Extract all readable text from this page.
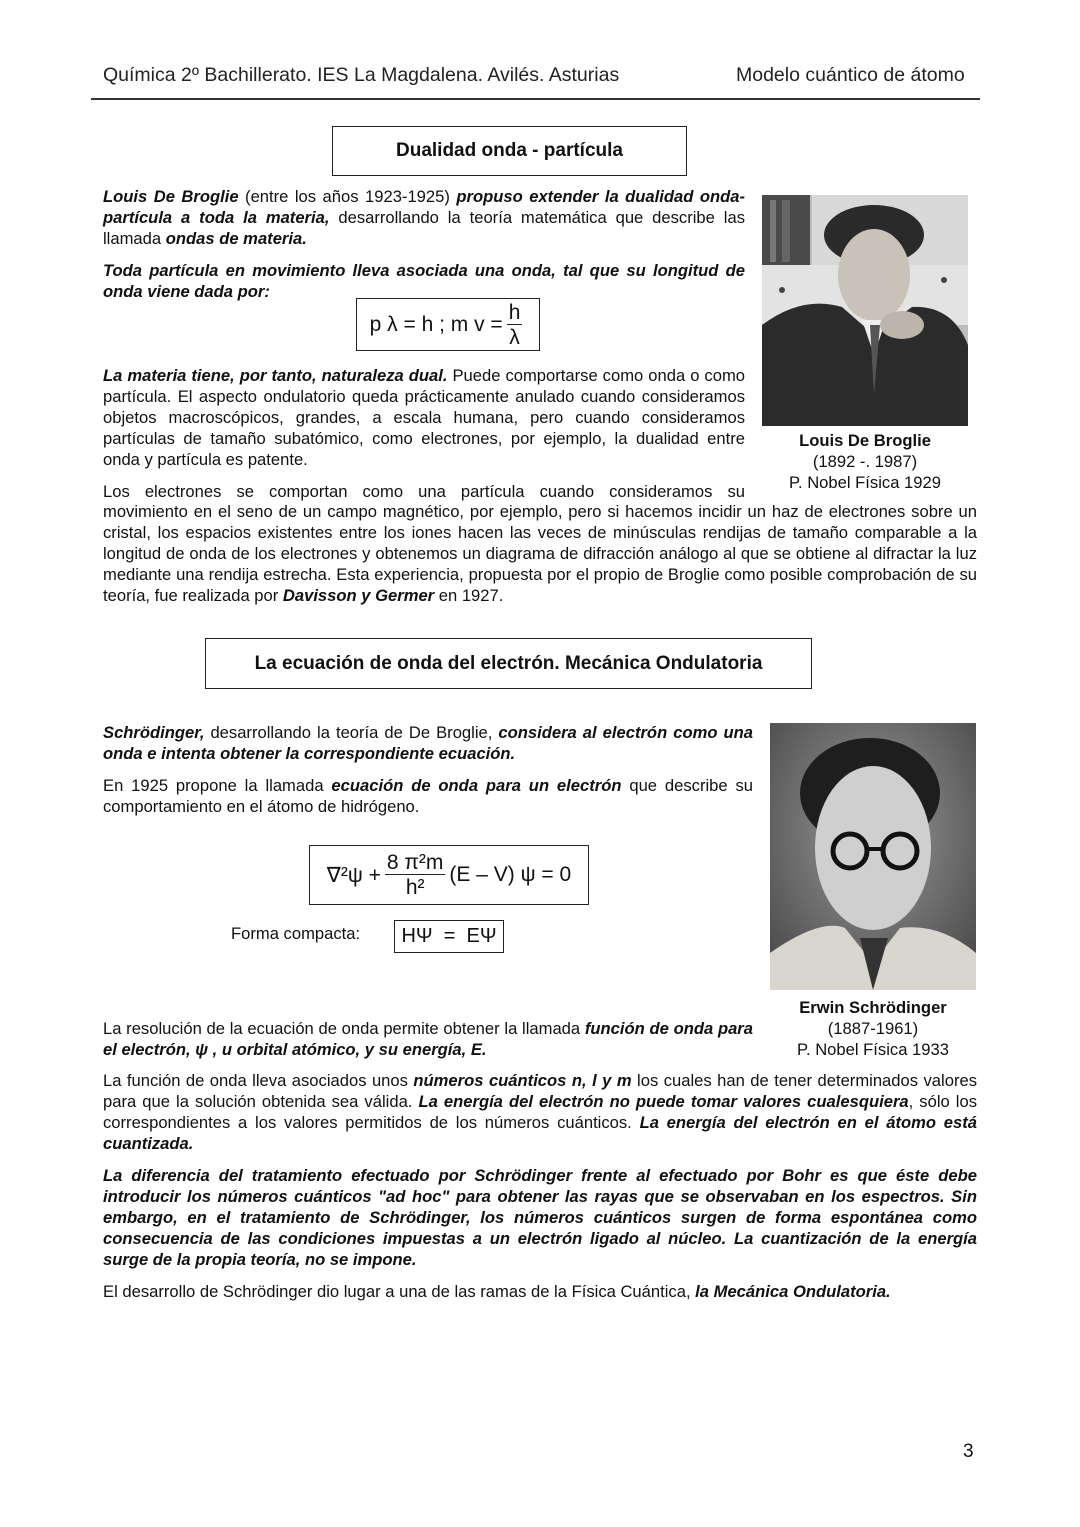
Química 2º Bachillerato. IES La Magdalena. Avilés. Asturias	Modelo cuántico de átomo
Dualidad onda - partícula

Louis De Broglie (entre los años 1923-1925) propuso extender la dualidad onda-partícula a toda la materia, desarrollando la teoría matemática que describe las llamada ondas de materia.

Toda partícula en movimiento lleva asociada una onda, tal que su longitud de onda viene dada por:

p λ = h ; m $v = \frac{h}{\lambda}$

La materia tiene, por tanto, naturaleza dual. Puede comportarse como onda o como partícula. El aspecto ondulatorio queda prácticamente anulado cuando consideramos objetos macroscópicos, grandes, a escala humana, pero cuando consideramos partículas de tamaño subatómico, como electrones, por ejemplo, la dualidad entre onda y partícula es patente.

Los electrones se comportan como una partícula cuando consideramos su

Louis De Broglie
(1892 -. 1987)
P. Nobel Física 1929

movimiento en el seno de un campo magnético, por ejemplo, pero si hacemos incidir un haz de electrones sobre un cristal, los espacios existentes entre los iones hacen las veces de minúsculas rendijas de tamaño comparable a la longitud de onda de los electrones y obtenemos un diagrama de difracción análogo al que se obtiene al difractar la luz mediante una rendija estrecha. Esta experiencia, propuesta por el propio de Broglie como posible comprobación de su teoría, fue realizada por Davisson y Germer en 1927.

La ecuación de onda del electrón. Mecánica Ondulatoria

Schrödinger, desarrollando la teoría de De Broglie, considera al electrón como una onda e intenta obtener la correspondiente ecuación.

En 1925 propone la llamada ecuación de onda para un electrón que describe su comportamiento en el átomo de hidrógeno.

$\nabla^2\psi + \frac{\text{8 π²m}}{\text{h²}} (E - V) \psi = 0$
Forma compacta:	HΨ  =  EΨ
Erwin Schrödinger
(1887-1961)
P. Nobel Física 1933

La resolución de la ecuación de onda permite obtener la llamada función de onda para el electrón, ψ , u orbital atómico, y su energía, E.

La función de onda lleva asociados unos números cuánticos n, l y m los cuales han de tener determinados valores para que la solución obtenida sea válida. La energía del electrón no puede tomar valores cualesquiera, sólo los correspondientes a los valores permitidos de los números cuánticos. La energía del electrón en el átomo está cuantizada.

La diferencia del tratamiento efectuado por Schrödinger frente al efectuado por Bohr es que éste debe introducir los números cuánticos "ad hoc" para obtener las rayas que se observaban en los espectros. Sin embargo, en el tratamiento de Schrödinger, los números cuánticos surgen de forma espontánea como consecuencia de las condiciones impuestas a un electrón ligado al núcleo. La cuantización de la energía surge de la propia teoría, no se impone.

El desarrollo de Schrödinger dio lugar a una de las ramas de la Física Cuántica, la Mecánica Ondulatoria.

3
